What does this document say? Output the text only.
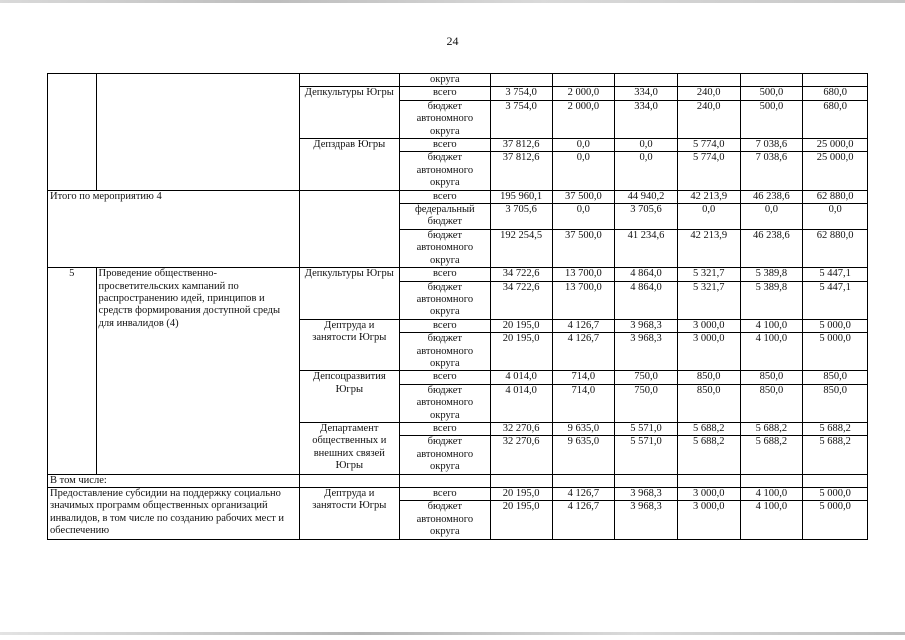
24
			округа						
		Депкультуры Югры	всего	3 754,0	2 000,0	334,0	240,0	500,0	680,0
			бюджет автономного округа	3 754,0	2 000,0	334,0	240,0	500,0	680,0
		Депздрав Югры	всего	37 812,6	0,0	0,0	5 774,0	7 038,6	25 000,0
			бюджет автономного округа	37 812,6	0,0	0,0	5 774,0	7 038,6	25 000,0
Итого по мероприятию 4			всего	195 960,1	37 500,0	44 940,2	42 213,9	46 238,6	62 880,0
			федеральный бюджет	3 705,6	0,0	3 705,6	0,0	0,0	0,0
			бюджет автономного округа	192 254,5	37 500,0	41 234,6	42 213,9	46 238,6	62 880,0
5	Проведение общественно-просветительских кампаний по распространению идей, принципов и средств формирования доступной среды для инвалидов (4)	Депкультуры Югры	всего	34 722,6	13 700,0	4 864,0	5 321,7	5 389,8	5 447,1
			бюджет автономного округа	34 722,6	13 700,0	4 864,0	5 321,7	5 389,8	5 447,1
		Дептруда и занятости Югры	всего	20 195,0	4 126,7	3 968,3	3 000,0	4 100,0	5 000,0
			бюджет автономного округа	20 195,0	4 126,7	3 968,3	3 000,0	4 100,0	5 000,0
		Депсоцразвития Югры	всего	4 014,0	714,0	750,0	850,0	850,0	850,0
			бюджет автономного округа	4 014,0	714,0	750,0	850,0	850,0	850,0
		Департамент общественных и внешних связей Югры	всего	32 270,6	9 635,0	5 571,0	5 688,2	5 688,2	5 688,2
			бюджет автономного округа	32 270,6	9 635,0	5 571,0	5 688,2	5 688,2	5 688,2
В том числе:									
Предоставление субсидии на поддержку социально значимых программ общественных организаций инвалидов, в том числе по созданию рабочих мест и обеспечению		Дептруда и занятости Югры	всего	20 195,0	4 126,7	3 968,3	3 000,0	4 100,0	5 000,0
			бюджет автономного округа	20 195,0	4 126,7	3 968,3	3 000,0	4 100,0	5 000,0
